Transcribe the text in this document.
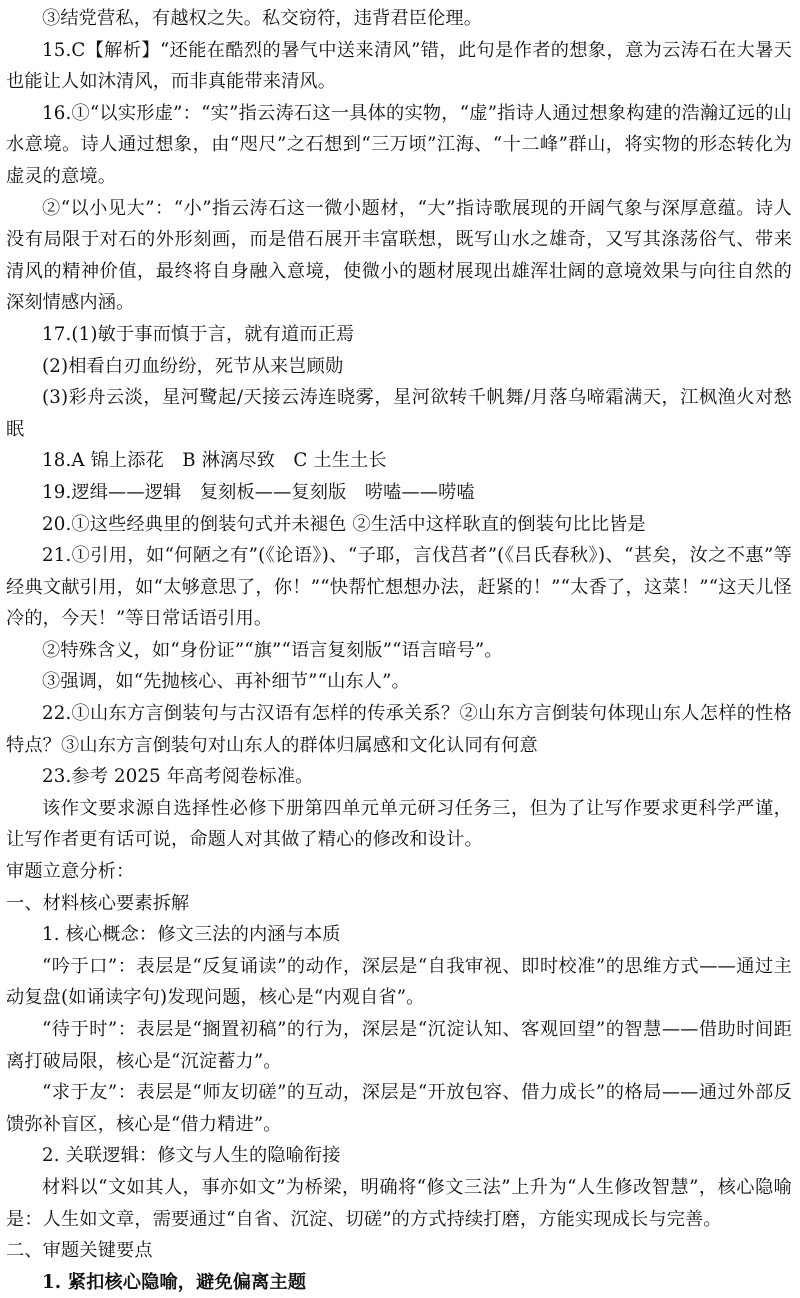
③结党营私，有越权之失。私交窃符，违背君臣伦理。

15.C【解析】“还能在酷烈的暑气中送来清风”错，此句是作者的想象，意为云涛石在大暑天也能让人如沐清风，而非真能带来清风。

16.①“以实形虚”：“实”指云涛石这一具体的实物，“虚”指诗人通过想象构建的浩瀚辽远的山水意境。诗人通过想象，由“咫尺”之石想到“三万顷”江海、“十二峰”群山，将实物的形态转化为虚灵的意境。

②“以小见大”：“小”指云涛石这一微小题材，“大”指诗歌展现的开阔气象与深厚意蕴。诗人没有局限于对石的外形刻画，而是借石展开丰富联想，既写山水之雄奇，又写其涤荡俗气、带来清风的精神价值，最终将自身融入意境，使微小的题材展现出雄浑壮阔的意境效果与向往自然的深刻情感内涵。

17.(1)敏于事而慎于言，就有道而正焉

(2)相看白刃血纷纷，死节从来岂顾勋

(3)彩舟云淡，星河鹭起/天接云涛连晓雾，星河欲转千帆舞/月落乌啼霜满天，江枫渔火对愁眠

18.A 锦上添花　B 淋漓尽致　C 土生土长

19.逻缉——逻辑　复刻板——复刻版　唠嗑——唠嗑

20.①这些经典里的倒装句式并未褪色 ②生活中这样耿直的倒装句比比皆是

21.①引用，如“何陋之有”(《论语》)、“子耶，言伐莒者”(《吕氏春秋》)、“甚矣，汝之不惠”等经典文献引用，如“太够意思了，你！”“快帮忙想想办法，赶紧的！”“太香了，这菜！”“这天儿怪冷的，今天！”等日常话语引用。

②特殊含义，如“身份证”“旗”“语言复刻版”“语言暗号”。

③强调，如“先抛核心、再补细节”“山东人”。

22.①山东方言倒装句与古汉语有怎样的传承关系？②山东方言倒装句体现山东人怎样的性格特点？③山东方言倒装句对山东人的群体归属感和文化认同有何意

23.参考 2025 年高考阅卷标准。

该作文要求源自选择性必修下册第四单元单元研习任务三，但为了让写作要求更科学严谨，让写作者更有话可说，命题人对其做了精心的修改和设计。

审题立意分析：

一、材料核心要素拆解

1. 核心概念：修文三法的内涵与本质

“吟于口”：表层是“反复诵读”的动作，深层是“自我审视、即时校准”的思维方式——通过主动复盘(如诵读字句)发现问题，核心是“内观自省”。

“待于时”：表层是“搁置初稿”的行为，深层是“沉淀认知、客观回望”的智慧——借助时间距离打破局限，核心是“沉淀蓄力”。

“求于友”：表层是“师友切磋”的互动，深层是“开放包容、借力成长”的格局——通过外部反馈弥补盲区，核心是“借力精进”。

2. 关联逻辑：修文与人生的隐喻衔接

材料以“文如其人，事亦如文”为桥梁，明确将“修文三法”上升为“人生修改智慧”，核心隐喻是：人生如文章，需要通过“自省、沉淀、切磋”的方式持续打磨，方能实现成长与完善。

二、审题关键要点

1. 紧扣核心隐喻，避免偏离主题
